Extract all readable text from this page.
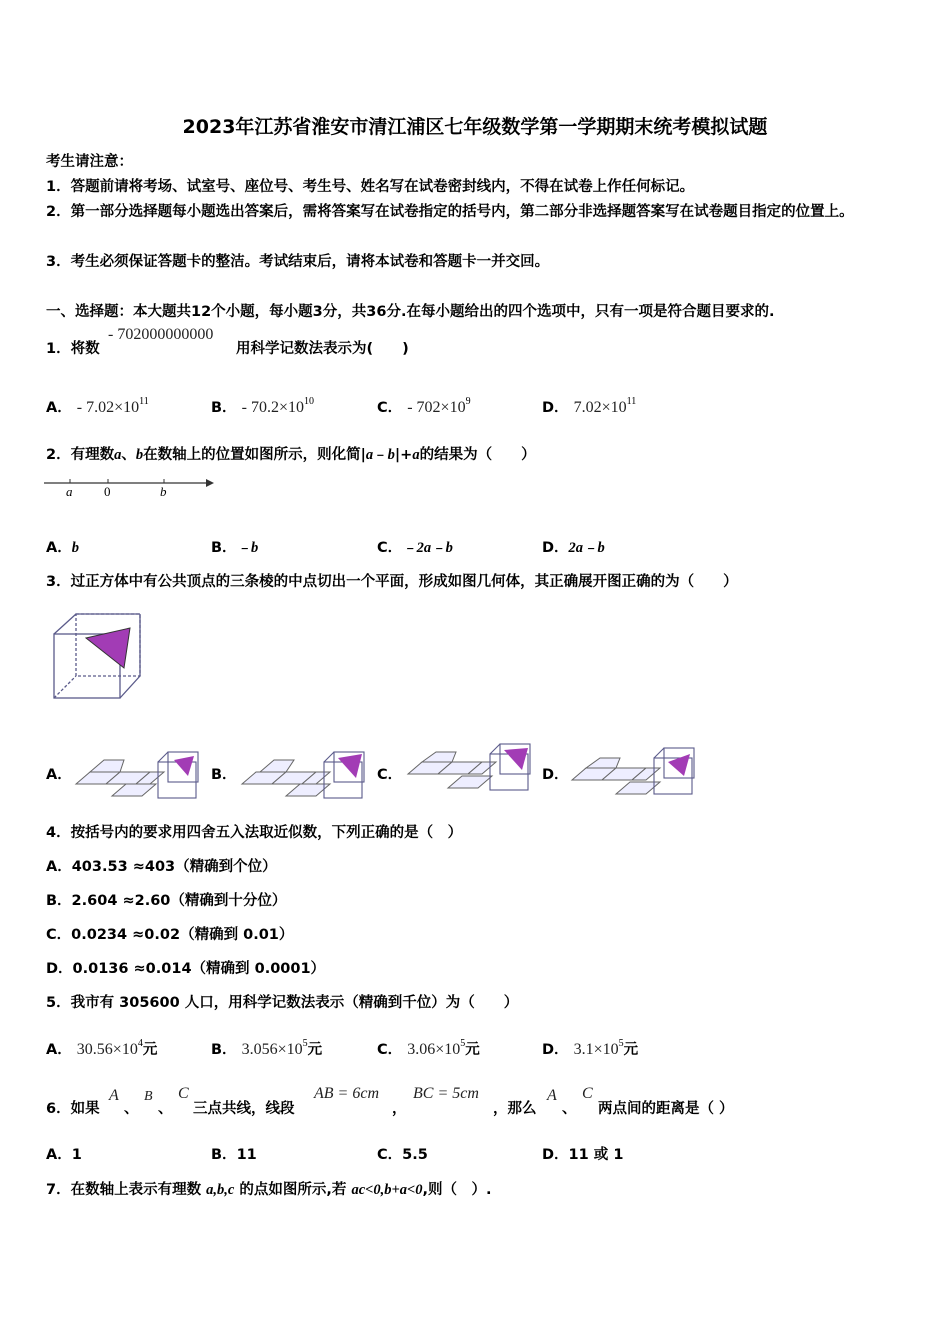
2023年江苏省淮安市清江浦区七年级数学第一学期期末统考模拟试题
考生请注意：
1．答题前请将考场、试室号、座位号、考生号、姓名写在试卷密封线内，不得在试卷上作任何标记。
2．第一部分选择题每小题选出答案后，需将答案写在试卷指定的括号内，第二部分非选择题答案写在试卷题目指定的位置上。
3．考生必须保证答题卡的整洁。考试结束后，请将本试卷和答题卡一并交回。
一、选择题：本大题共12个小题，每小题3分，共36分.在每小题给出的四个选项中，只有一项是符合题目要求的.
1．将数
- 702000000000
用科学记数法表示为(　　)
A． - $7.02\times 10^{11}$	B． - $70.2\times 10^{10}$	C． - $702\times 10^9$	D． $7.02\times 10^{11}$
2．有理数a、b在数轴上的位置如图所示，则化简|a﹣b|+a的结果为（　　）
a 0	b
A．b	B．﹣b	C．﹣2a﹣b	D．2a﹣b
3．过正方体中有公共顶点的三条棱的中点切出一个平面，形成如图几何体，其正确展开图正确的为（　　）
A．	B．	C．	D．
4．按括号内的要求用四舍五入法取近似数，下列正确的是（　）
A．403.53 ≈403（精确到个位）
B．2.604 ≈2.60（精确到十分位）
C．0.0234 ≈0.02（精确到 0.01）
D．0.0136 ≈0.014（精确到 0.0001）
5．我市有 305600 人口，用科学记数法表示（精确到千位）为（　　）
A． $30.56\times 10^4$元	B． $3.056\times 10^5$元	C． $3.06\times 10^5$元	D． $3.1\times 10^5$元
6．如果
A
、
B
、
C
三点共线，线段
AB = 6cm
，
BC = 5cm
，那么
A
、
C
两点间的距离是（ ）
A．1	B．11	C．5.5	D．11 或 1
7．在数轴上表示有理数 a,b,c 的点如图所示,若 ac<0,b+a<0,则（　）.
